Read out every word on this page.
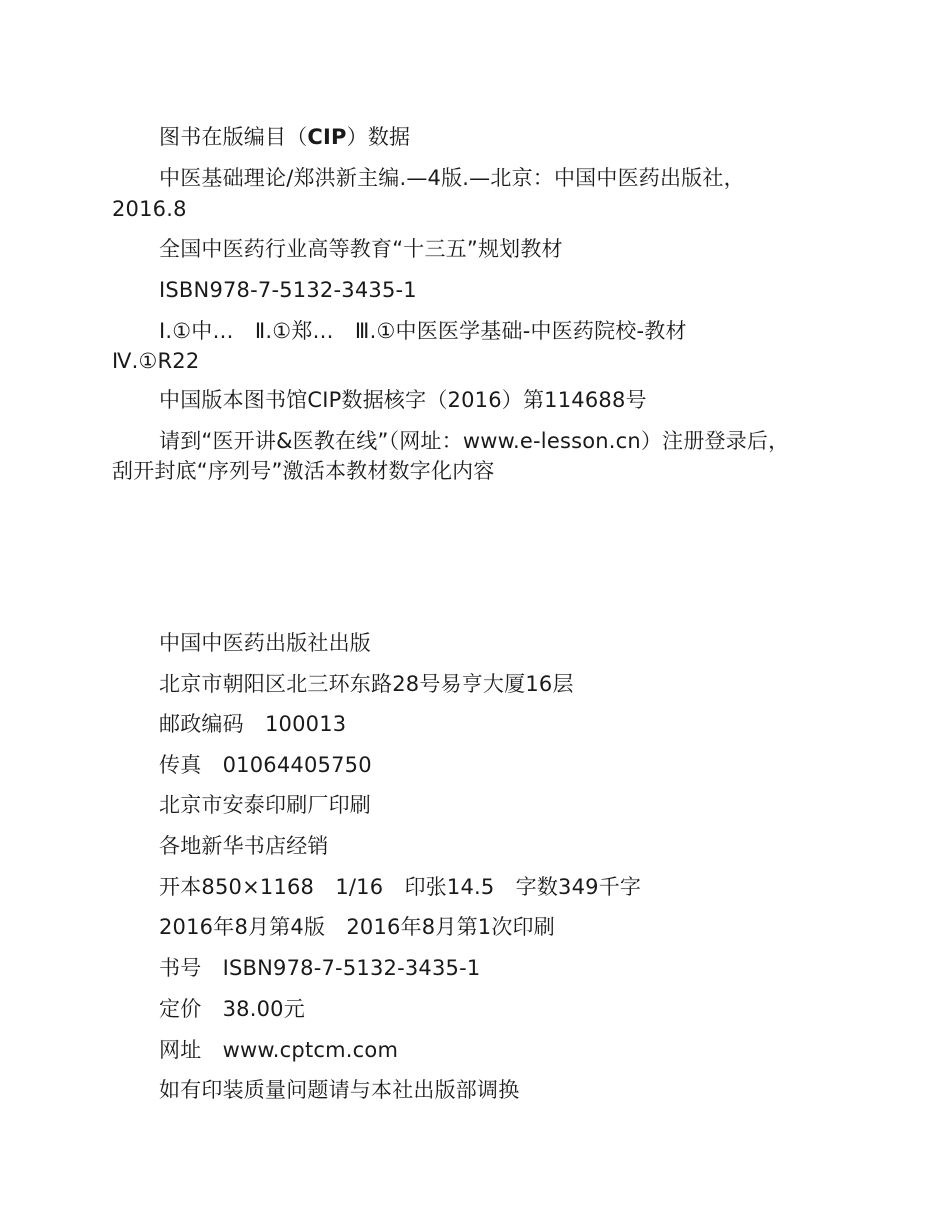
图书在版编目（CIP）数据
中医基础理论/郑洪新主编.—4版.—北京：中国中医药出版社，
2016.8
全国中医药行业高等教育“十三五”规划教材
ISBN978-7-5132-3435-1
Ⅰ.①中…　Ⅱ.①郑…　Ⅲ.①中医医学基础-中医药院校-教材
Ⅳ.①R22
中国版本图书馆CIP数据核字（2016）第114688号
请到“医开讲&医教在线”（网址：www.e-lesson.cn）注册登录后，
刮开封底“序列号”激活本教材数字化内容
中国中医药出版社出版
北京市朝阳区北三环东路28号易亨大厦16层
邮政编码　100013
传真　01064405750
北京市安泰印刷厂印刷
各地新华书店经销
开本850×1168　1/16　印张14.5　字数349千字
2016年8月第4版　2016年8月第1次印刷
书号　ISBN978-7-5132-3435-1
定价　38.00元
网址　www.cptcm.com
如有印装质量问题请与本社出版部调换
